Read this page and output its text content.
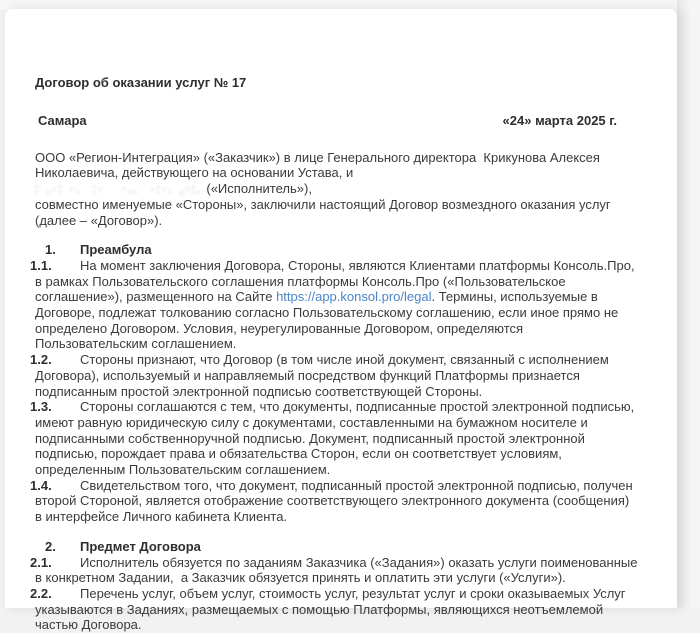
Договор об оказании услуг № 17
Самара	«24» марта 2025 г.
ООО «Регион-Интеграция» («Заказчик») в лице Генерального директора  Крикунова Алексея Николаевича, действующего на основании Устава, и
: .·: ·.  :·   ·..  ·:·. ,·:. («Исполнитель»),
совместно именуемые «Стороны», заключили настоящий Договор возмездного оказания услуг (далее – «Договор»).

1. Преамбула

1.1. На момент заключения Договора, Стороны, являются Клиентами платформы Консоль.Про, в рамках Пользовательского соглашения платформы Консоль.Про («Пользовательское соглашение»), размещенного на Сайте https://app.konsol.pro/legal. Термины, используемые в Договоре, подлежат толкованию согласно Пользовательскому соглашению, если иное прямо не определено Договором. Условия, неурегулированные Договором, определяются Пользовательским соглашением.

1.2. Стороны признают, что Договор (в том числе иной документ, связанный с исполнением Договора), используемый и направляемый посредством функций Платформы признается подписанным простой электронной подписью соответствующей Стороны.

1.3. Стороны соглашаются с тем, что документы, подписанные простой электронной подписью, имеют равную юридическую силу с документами, составленными на бумажном носителе и подписанными собственноручной подписью. Документ, подписанный простой электронной подписью, порождает права и обязательства Сторон, если он соответствует условиям, определенным Пользовательским соглашением.

1.4. Свидетельством того, что документ, подписанный простой электронной подписью, получен второй Стороной, является отображение соответствующего электронного документа (сообщения) в интерфейсе Личного кабинета Клиента.

2. Предмет Договора

2.1. Исполнитель обязуется по заданиям Заказчика («Задания») оказать услуги поименованные в конкретном Задании,  а Заказчик обязуется принять и оплатить эти услуги («Услуги»).

2.2. Перечень услуг, объем услуг, стоимость услуг, результат услуг и сроки оказываемых Услуг указываются в Заданиях, размещаемых с помощью Платформы, являющихся неотъемлемой частью Договора.
